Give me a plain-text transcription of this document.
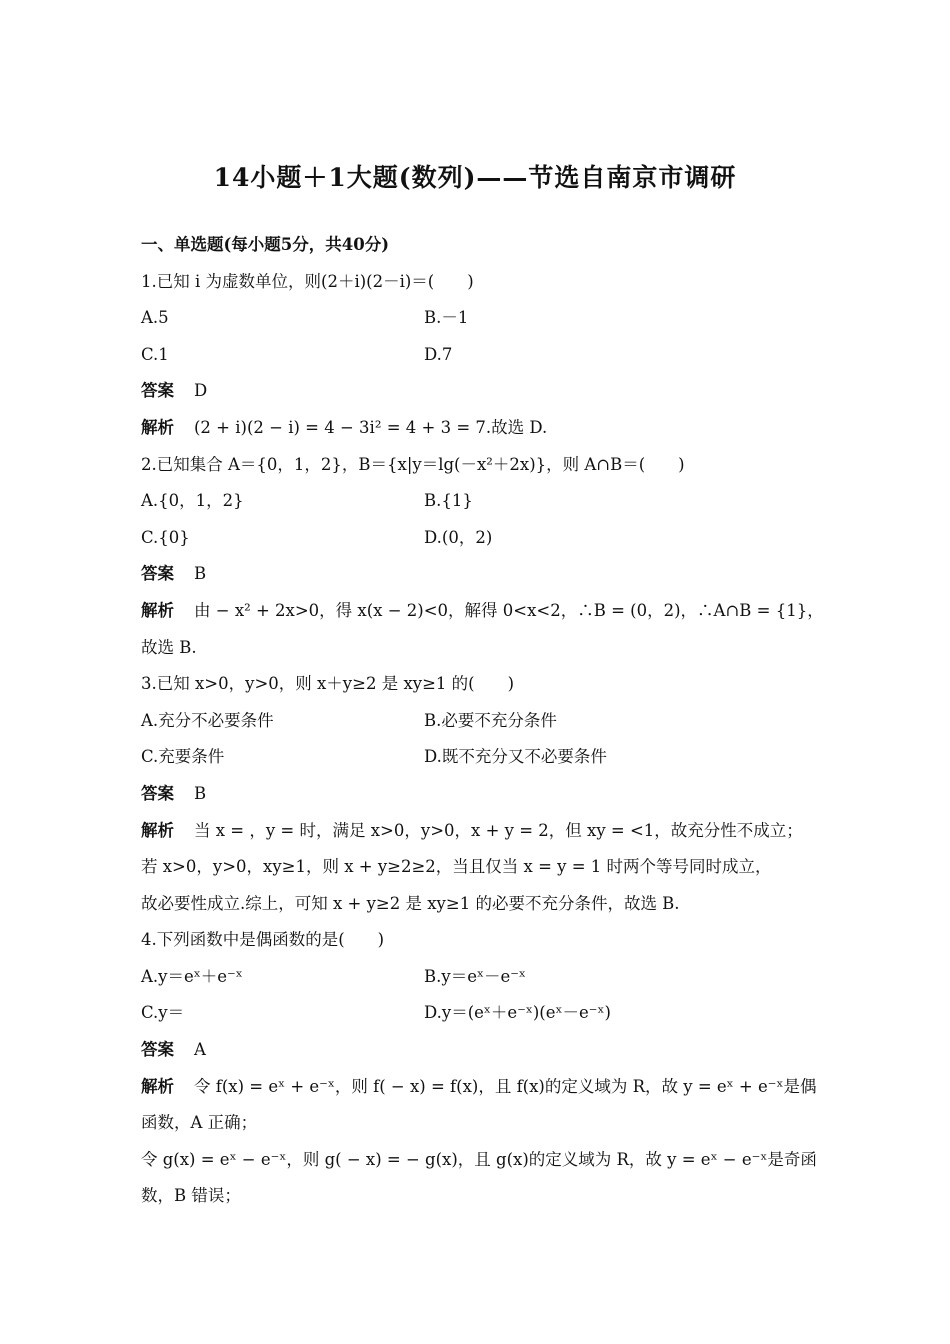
14小题＋1大题(数列)——节选自南京市调研
一、单选题(每小题5分，共40分)
1.已知 i 为虚数单位，则(2＋i)(2－i)＝(　　)
A.5	B.－1
C.1	D.7
答案 D
解析 (2 + i)(2 − i) = 4 − 3i² = 4 + 3 = 7.故选 D.
2.已知集合 A＝{0，1，2}，B＝{x|y＝lg(－x²＋2x)}，则 A∩B＝(　　)
A.{0，1，2}	B.{1}
C.{0}	D.(0，2)
答案 B
解析 由 − x² + 2x>0，得 x(x − 2)<0，解得 0<x<2，∴B = (0，2)，∴A∩B = {1}，
故选 B.
3.已知 x>0，y>0，则 x＋y≥2 是 xy≥1 的(　　)
A.充分不必要条件	B.必要不充分条件
C.充要条件	D.既不充分又不必要条件
答案 B
解析 当 x = ，y = 时，满足 x>0，y>0，x + y = 2，但 xy = <1，故充分性不成立；
若 x>0，y>0，xy≥1，则 x + y≥2≥2，当且仅当 x = y = 1 时两个等号同时成立，
故必要性成立.综上，可知 x + y≥2 是 xy≥1 的必要不充分条件，故选 B.
4.下列函数中是偶函数的是(　　)
A.y＝eˣ＋e⁻ˣ	B.y＝eˣ－e⁻ˣ
C.y＝	D.y＝(eˣ＋e⁻ˣ)(eˣ－e⁻ˣ)
答案 A
解析 令 f(x) = eˣ + e⁻ˣ，则 f( − x) = f(x)，且 f(x)的定义域为 R，故 y = eˣ + e⁻ˣ是偶
函数，A 正确；
令 g(x) = eˣ − e⁻ˣ，则 g( − x) = − g(x)，且 g(x)的定义域为 R，故 y = eˣ − e⁻ˣ是奇函
数，B 错误；
